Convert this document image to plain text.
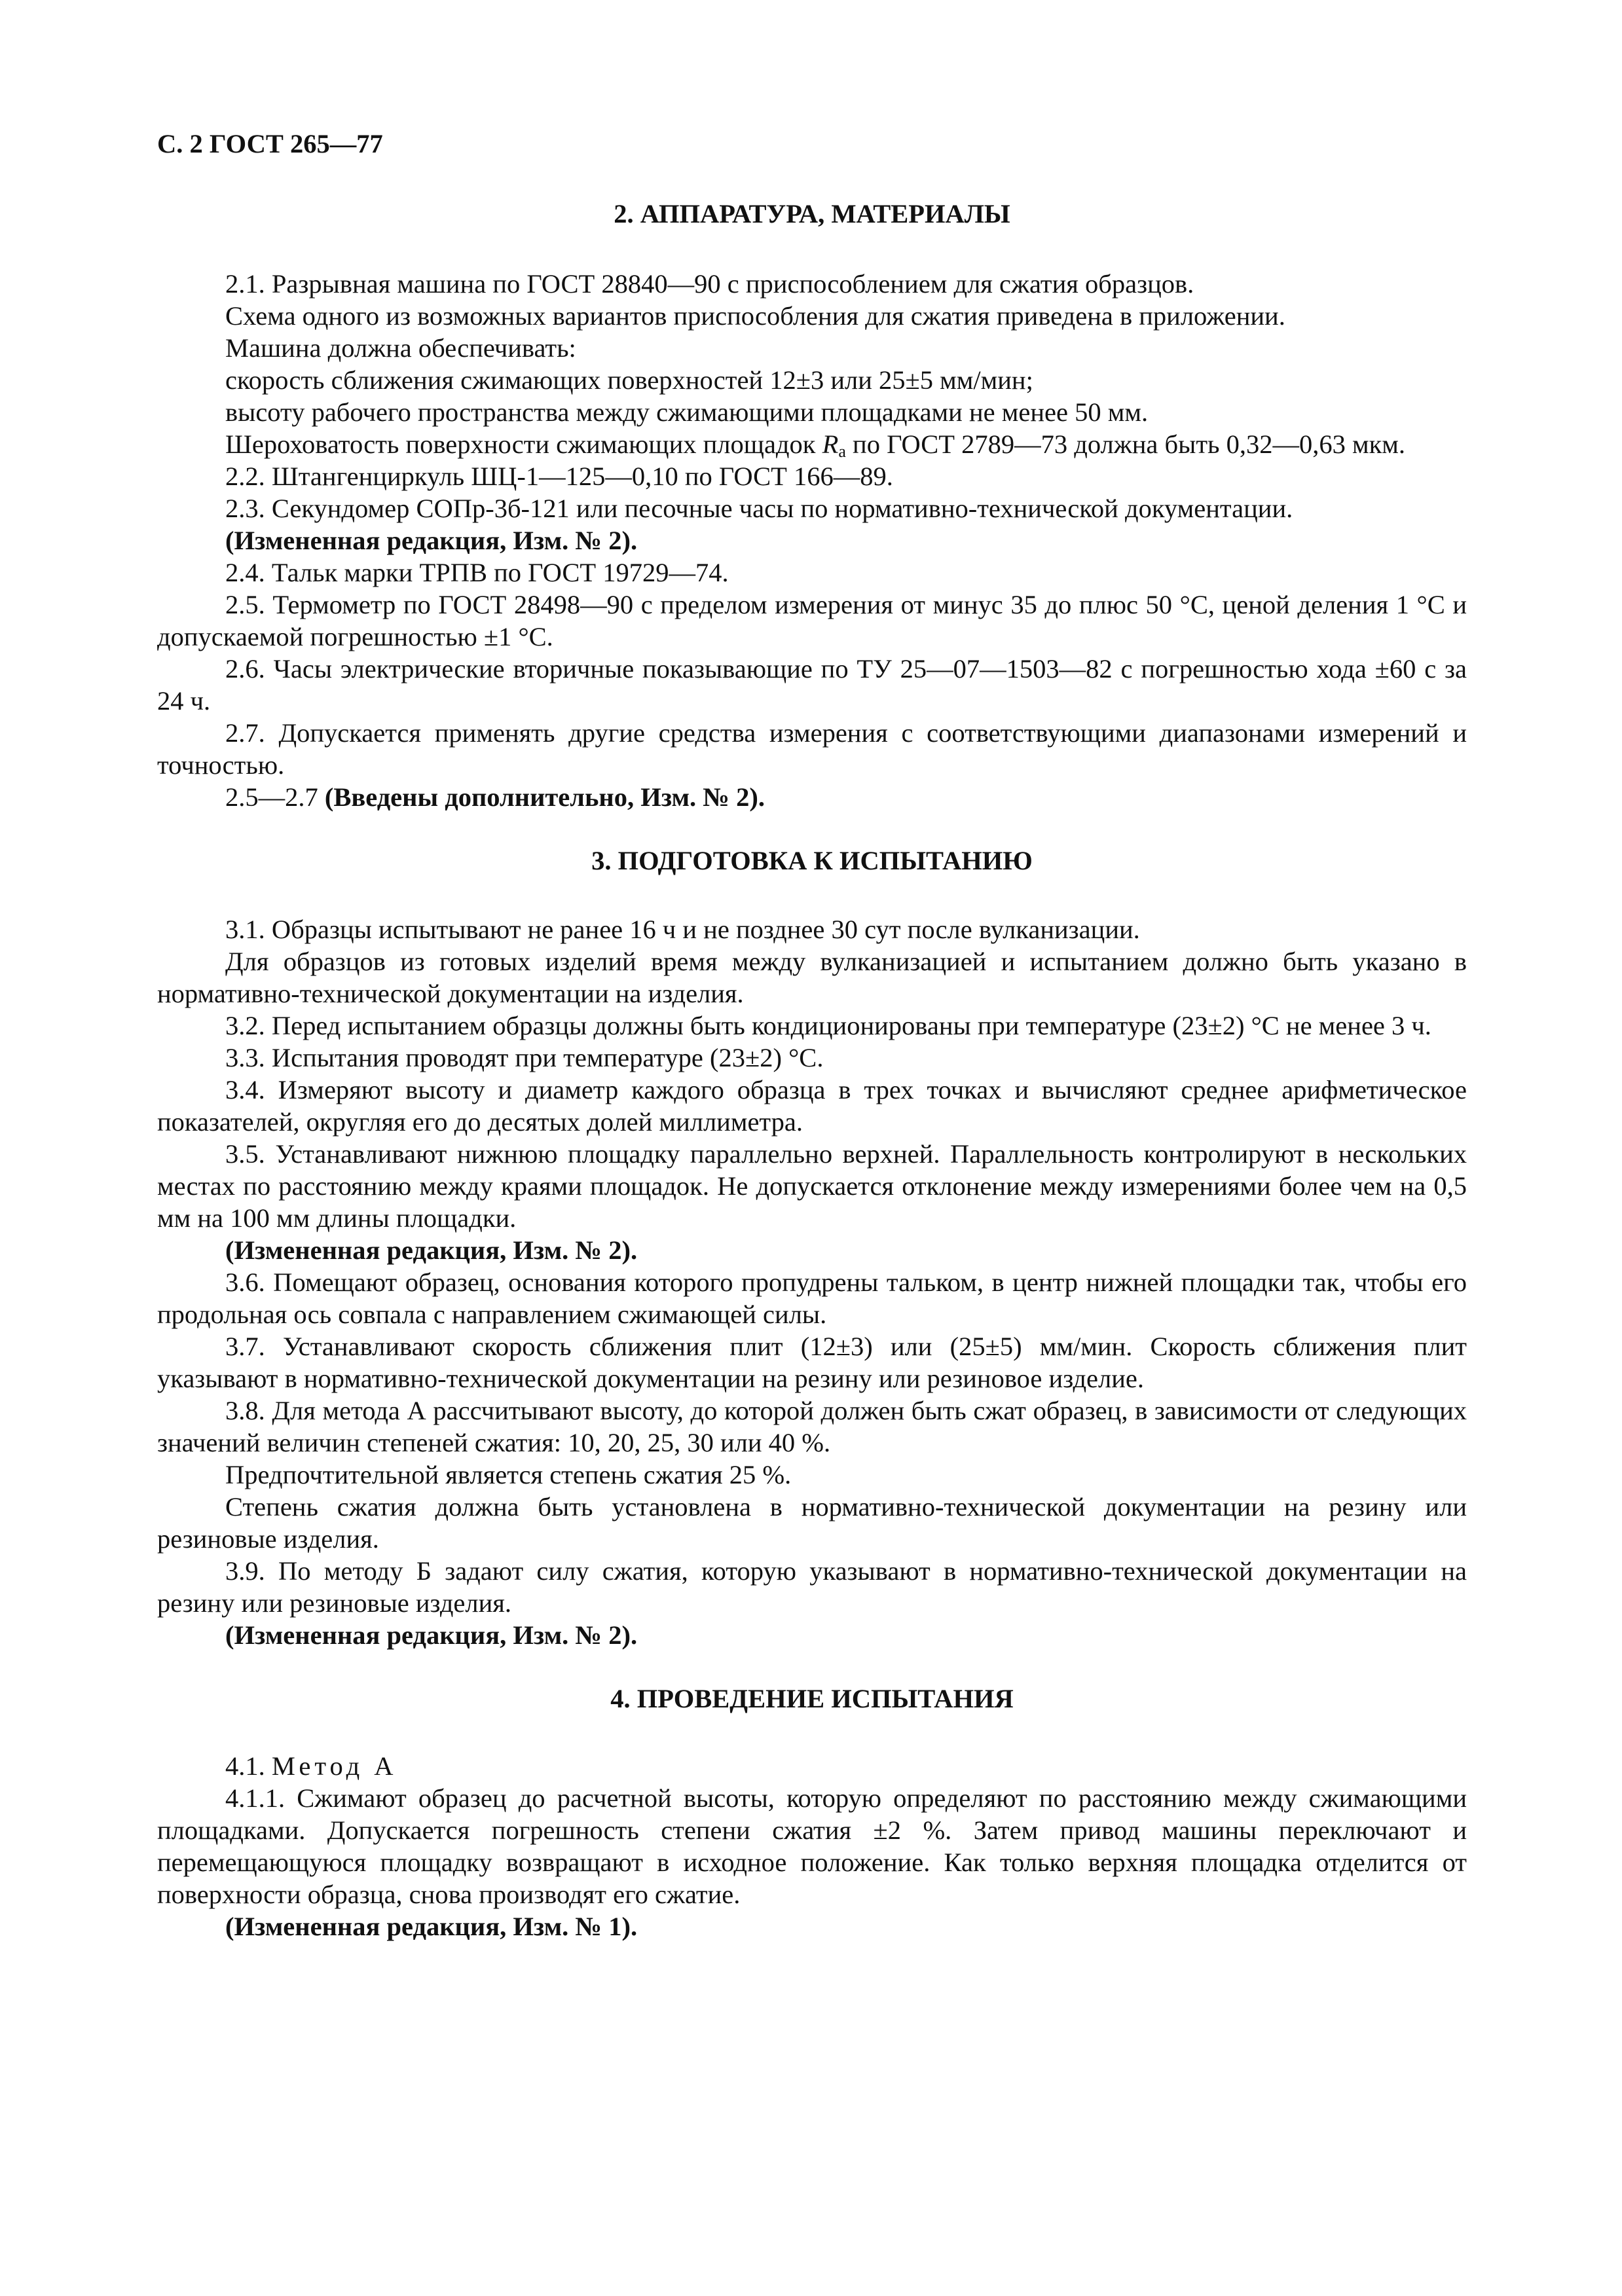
С. 2 ГОСТ 265—77
2. АППАРАТУРА, МАТЕРИАЛЫ

2.1. Разрывная машина по ГОСТ 28840—90 с приспособлением для сжатия образцов.

Схема одного из возможных вариантов приспособления для сжатия приведена в приложении.

Машина должна обеспечивать:

скорость сближения сжимающих поверхностей 12±3 или 25±5 мм/мин;

высоту рабочего пространства между сжимающими площадками не менее 50 мм.

Шероховатость поверхности сжимающих площадок $R_a$ по ГОСТ 2789—73 должна быть 0,32—0,63 мкм.

2.2. Штангенциркуль ШЦ-1—125—0,10 по ГОСТ 166—89.

2.3. Секундомер СОПр-3б-121 или песочные часы по нормативно-технической документации.

(Измененная редакция, Изм. № 2).

2.4. Тальк марки ТРПВ по ГОСТ 19729—74.

2.5. Термометр по ГОСТ 28498—90 с пределом измерения от минус 35 до плюс 50 °С, ценой деления 1 °С и допускаемой погрешностью ±1 °С.

2.6. Часы электрические вторичные показывающие по ТУ 25—07—1503—82 с погрешностью хода ±60 с за 24 ч.

2.7. Допускается применять другие средства измерения с соответствующими диапазонами измерений и точностью.

2.5—2.7 (Введены дополнительно, Изм. № 2).

3. ПОДГОТОВКА К ИСПЫТАНИЮ

3.1. Образцы испытывают не ранее 16 ч и не позднее 30 сут после вулканизации.

Для образцов из готовых изделий время между вулканизацией и испытанием должно быть указано в нормативно-технической документации на изделия.

3.2. Перед испытанием образцы должны быть кондиционированы при температуре (23±2) °С не менее 3 ч.

3.3. Испытания проводят при температуре (23±2) °С.

3.4. Измеряют высоту и диаметр каждого образца в трех точках и вычисляют среднее арифметическое показателей, округляя его до десятых долей миллиметра.

3.5. Устанавливают нижнюю площадку параллельно верхней. Параллельность контролируют в нескольких местах по расстоянию между краями площадок. Не допускается отклонение между измерениями более чем на 0,5 мм на 100 мм длины площадки.

(Измененная редакция, Изм. № 2).

3.6. Помещают образец, основания которого пропудрены тальком, в центр нижней площадки так, чтобы его продольная ось совпала с направлением сжимающей силы.

3.7. Устанавливают скорость сближения плит (12±3) или (25±5) мм/мин. Скорость сближения плит указывают в нормативно-технической документации на резину или резиновое изделие.

3.8. Для метода А рассчитывают высоту, до которой должен быть сжат образец, в зависимости от следующих значений величин степеней сжатия: 10, 20, 25, 30 или 40 %.

Предпочтительной является степень сжатия 25 %.

Степень сжатия должна быть установлена в нормативно-технической документации на резину или резиновые изделия.

3.9. По методу Б задают силу сжатия, которую указывают в нормативно-технической документации на резину или резиновые изделия.

(Измененная редакция, Изм. № 2).

4. ПРОВЕДЕНИЕ ИСПЫТАНИЯ

4.1. Метод А

4.1.1. Сжимают образец до расчетной высоты, которую определяют по расстоянию между сжимающими площадками. Допускается погрешность степени сжатия ±2 %. Затем привод машины переключают и перемещающуюся площадку возвращают в исходное положение. Как только верхняя площадка отделится от поверхности образца, снова производят его сжатие.

(Измененная редакция, Изм. № 1).
